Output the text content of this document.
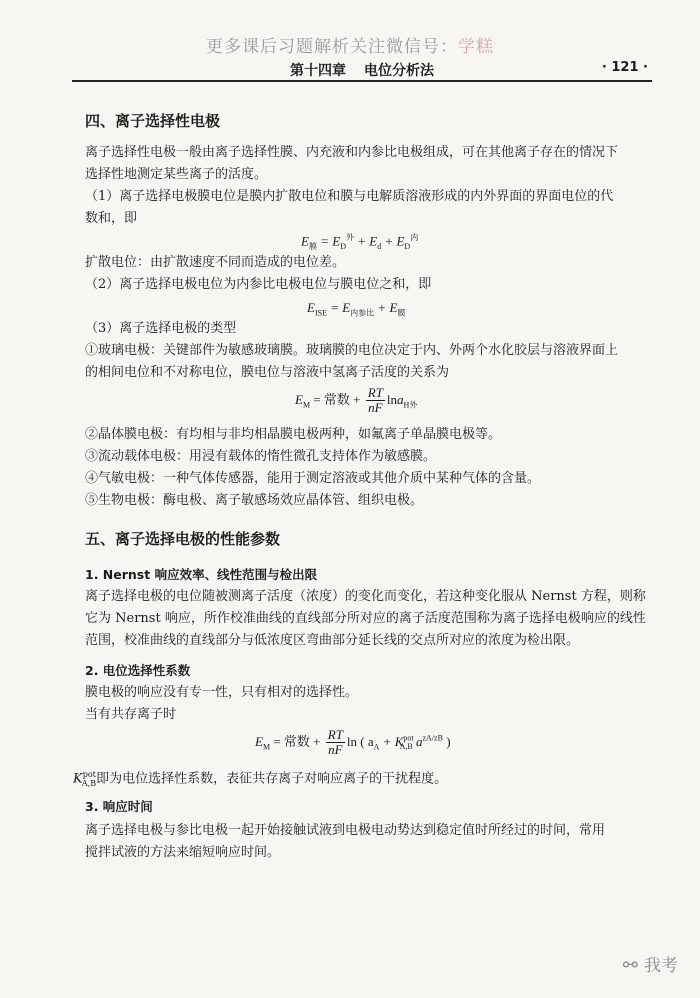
更多课后习题解析关注微信号：学糕
第十四章 电位分析法	· 121 ·
四、离子选择性电极
离子选择性电极一般由离子选择性膜、内充液和内参比电极组成，可在其他离子存在的情况下
选择性地测定某些离子的活度。
（1）离子选择电极膜电位是膜内扩散电位和膜与电解质溶液形成的内外界面的界面电位的代
数和，即
$E_膜 = E_D^外 + E_d + E_D^内$
扩散电位：由扩散速度不同而造成的电位差。
（2）离子选择电极电位为内参比电极电位与膜电位之和，即
$E_{ISE} = E_{内参比} + E_膜$
（3）离子选择电极的类型
①玻璃电极：关键部件为敏感玻璃膜。玻璃膜的电位决定于内、外两个水化胶层与溶液界面上
的相间电位和不对称电位，膜电位与溶液中氢离子活度的关系为
$E_M$ = 常数 + $\frac{RT}{nF} \ln a_{H外}$
②晶体膜电极：有均相与非均相晶膜电极两种，如氟离子单晶膜电极等。
③流动载体电极：用浸有载体的惰性微孔支持体作为敏感膜。
④气敏电极：一种气体传感器，能用于测定溶液或其他介质中某种气体的含量。
⑤生物电极：酶电极、离子敏感场效应晶体管、组织电极。
五、离子选择电极的性能参数
1. Nernst 响应效率、线性范围与检出限
离子选择电极的电位随被测离子活度（浓度）的变化而变化，若这种变化服从 Nernst 方程，则称
它为 Nernst 响应，所作校准曲线的直线部分所对应的离子活度范围称为离子选择电极响应的线性
范围，校准曲线的直线部分与低浓度区弯曲部分延长线的交点所对应的浓度为检出限。
2. 电位选择性系数
膜电极的响应没有专一性，只有相对的选择性。
当有共存离子时
$E_M$ = 常数 + $\frac{RT}{nF}$ ln ( $a_A + K^{pot}_{A,B}$ $a^{zA/zB}$ )
$K^{pot}_{A,B}$即为电位选择性系数，表征共存离子对响应离子的干扰程度。
3. 响应时间
离子选择电极与参比电极一起开始接触试液到电极电动势达到稳定值时所经过的时间，常用
搅拌试液的方法来缩短响应时间。
⚯ 我考
